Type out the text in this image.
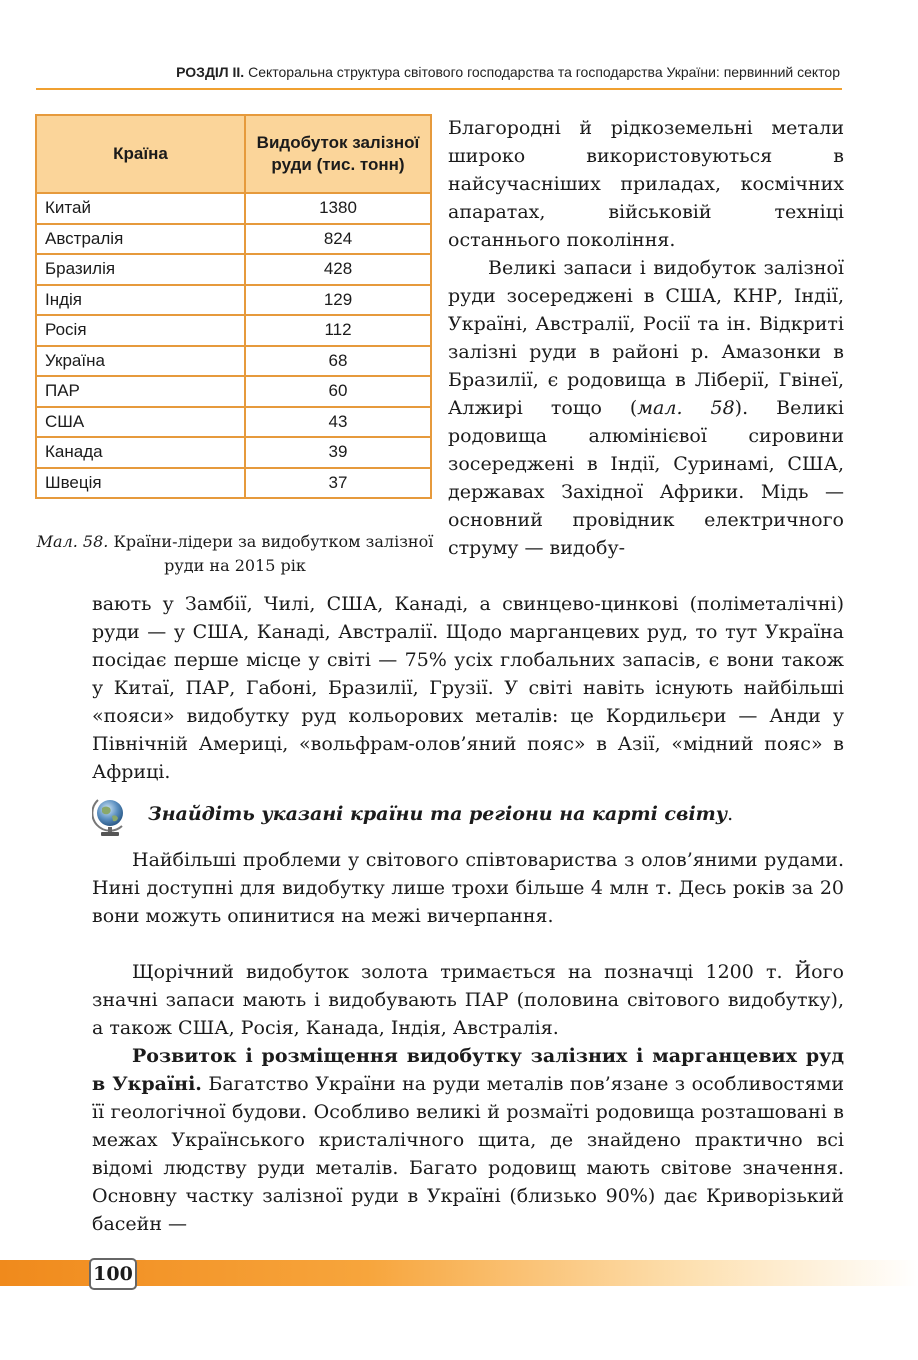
РОЗДІЛ II. Секторальна структура світового господарства та господарства України: первинний сектор
Країна	Видобуток залізної руди (тис. тонн)
Китай	1380
Австралія	824
Бразилія	428
Індія	129
Росія	112
Україна	68
ПАР	60
США	43
Канада	39
Швеція	37
Мал. 58. Країни-лідери за видобутком залізної руди на 2015 рік

Благородні й рідкоземельні метали широко використовуються в найсучасніших приладах, космічних апаратах, військовій техніці останнього покоління.
Великі запаси і видобуток залізної руди зосереджені в США, КНР, Індії, Україні, Австралії, Росії та ін. Відкриті залізні руди в районі р. Амазонки в Бразилії, є родовища в Ліберії, Гвінеї, Алжирі тощо (мал. 58). Великі родовища алюмінієвої сировини зосереджені в Індії, Суринамі, США, державах Західної Африки. Мідь — основний провідник електричного струму — видобу-

вають у Замбії, Чилі, США, Канаді, а свинцево-цинкові (поліметалічні) руди — у США, Канаді, Австралії. Щодо марганцевих руд, то тут Україна посідає перше місце у світі — 75% усіх глобальних запасів, є вони також у Китаї, ПАР, Габоні, Бразилії, Грузії. У світі навіть існують найбільші «пояси» видобутку руд кольорових металів: це Кордильєри — Анди у Північній Америці, «вольфрам-олов’яний пояс» в Азії, «мідний пояс» в Африці.

Знайдіть указані країни та регіони на карті світу.

Найбільші проблеми у світового співтовариства з олов’яними рудами. Нині доступні для видобутку лише трохи більше 4 млн т. Десь років за 20 вони можуть опинитися на межі вичерпання.

Щорічний видобуток золота тримається на позначці 1200 т. Його значні запаси мають і видобувають ПАР (половина світового видобутку), а також США, Росія, Канада, Індія, Австралія.

Розвиток і розміщення видобутку залізних і марганцевих руд в Україні. Багатство України на руди металів пов’язане з особливостями її геологічної будови. Особливо великі й розмаїті родовища розташовані в межах Українського кристалічного щита, де знайдено практично всі відомі людству руди металів. Багато родовищ мають світове значення. Основну частку залізної руди в Україні (близько 90%) дає Криворізький басейн —

100
